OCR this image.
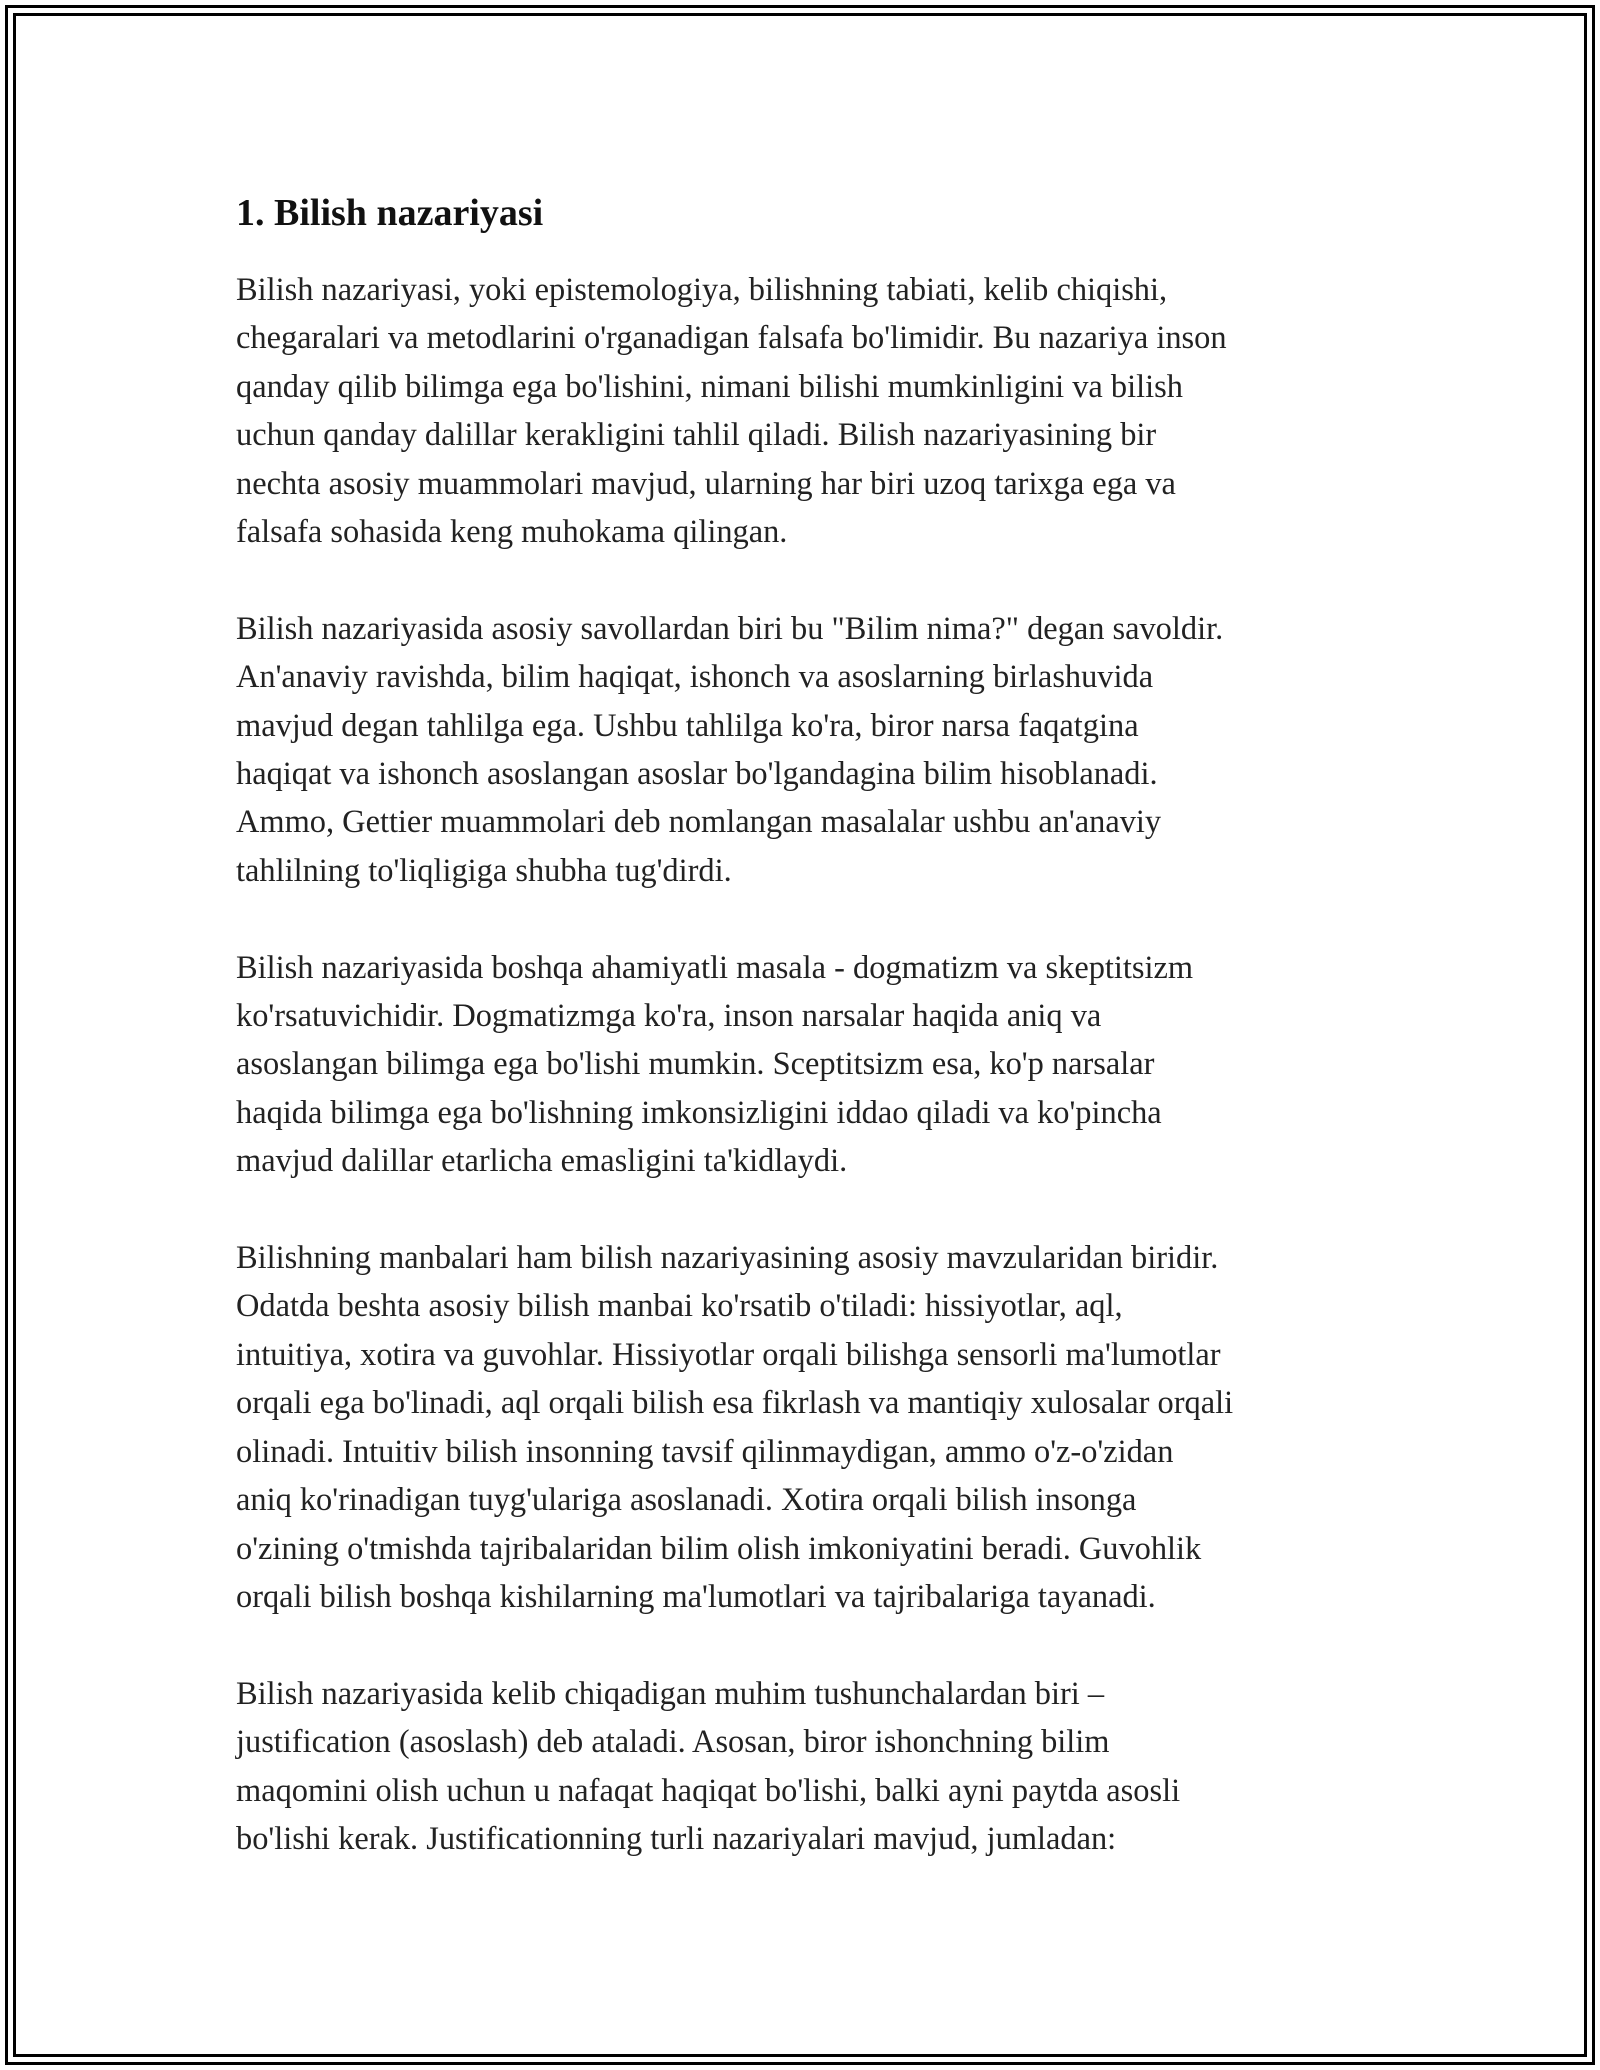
1. Bilish nazariyasi

Bilish nazariyasi, yoki epistemologiya, bilishning tabiati, kelib chiqishi,
chegaralari va metodlarini o'rganadigan falsafa bo'limidir. Bu nazariya inson
qanday qilib bilimga ega bo'lishini, nimani bilishi mumkinligini va bilish
uchun qanday dalillar kerakligini tahlil qiladi. Bilish nazariyasining bir
nechta asosiy muammolari mavjud, ularning har biri uzoq tarixga ega va
falsafa sohasida keng muhokama qilingan.

Bilish nazariyasida asosiy savollardan biri bu "Bilim nima?" degan savoldir.
An'anaviy ravishda, bilim haqiqat, ishonch va asoslarning birlashuvida
mavjud degan tahlilga ega. Ushbu tahlilga ko'ra, biror narsa faqatgina
haqiqat va ishonch asoslangan asoslar bo'lgandagina bilim hisoblanadi.
Ammo, Gettier muammolari deb nomlangan masalalar ushbu an'anaviy
tahlilning to'liqligiga shubha tug'dirdi.

Bilish nazariyasida boshqa ahamiyatli masala - dogmatizm va skeptitsizm
ko'rsatuvichidir. Dogmatizmga ko'ra, inson narsalar haqida aniq va
asoslangan bilimga ega bo'lishi mumkin. Sceptitsizm esa, ko'p narsalar
haqida bilimga ega bo'lishning imkonsizligini iddao qiladi va ko'pincha
mavjud dalillar etarlicha emasligini ta'kidlaydi.

Bilishning manbalari ham bilish nazariyasining asosiy mavzularidan biridir.
Odatda beshta asosiy bilish manbai ko'rsatib o'tiladi: hissiyotlar, aql,
intuitiya, xotira va guvohlar. Hissiyotlar orqali bilishga sensorli ma'lumotlar
orqali ega bo'linadi, aql orqali bilish esa fikrlash va mantiqiy xulosalar orqali
olinadi. Intuitiv bilish insonning tavsif qilinmaydigan, ammo o'z-o'zidan
aniq ko'rinadigan tuyg'ulariga asoslanadi. Xotira orqali bilish insonga
o'zining o'tmishda tajribalaridan bilim olish imkoniyatini beradi. Guvohlik
orqali bilish boshqa kishilarning ma'lumotlari va tajribalariga tayanadi.

Bilish nazariyasida kelib chiqadigan muhim tushunchalardan biri –
justification (asoslash) deb ataladi. Asosan, biror ishonchning bilim
maqomini olish uchun u nafaqat haqiqat bo'lishi, balki ayni paytda asosli
bo'lishi kerak. Justificationning turli nazariyalari mavjud, jumladan:
